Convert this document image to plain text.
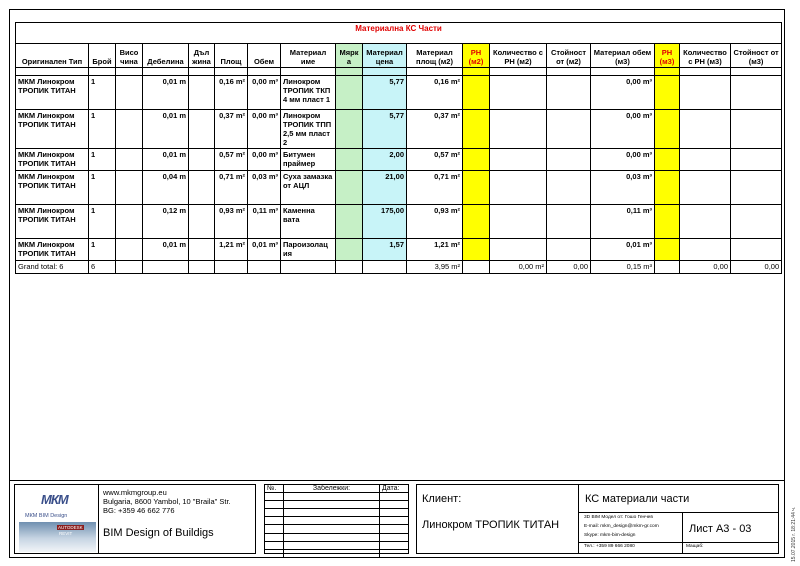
Материална КС Части																	
Оригинален Тип	Брой	Висо чина	Дебелина	Дъл жина	Площ	Обем	Материал име	Мярк а	Материал цена	Материал площ (м2)	PH (м2)	Количество с PH (м2)	Стойност от (м2)	Материал обем (м3)	PH (м3)	Количество с PH (м3)	Стойност от (м3)

МКМ Линокром ТРОПИК ТИТАН	1		0,01 m		0,16 m²	0,00 m³	Линокром ТРОПИК ТКП 4 мм пласт 1		5,77	0,16 m²				0,00 m³			
МКМ Линокром ТРОПИК ТИТАН	1		0,01 m		0,37 m²	0,00 m³	Линокром ТРОПИК ТПП 2,5 мм пласт 2		5,77	0,37 m²				0,00 m³			
МКМ Линокром ТРОПИК ТИТАН	1		0,01 m		0,57 m²	0,00 m³	Битумен праймер		2,00	0,57 m²				0,00 m³			
МКМ Линокром ТРОПИК ТИТАН	1		0,04 m		0,71 m²	0,03 m³	Суха замазка от АЦЛ		21,00	0,71 m²				0,03 m³			
МКМ Линокром ТРОПИК ТИТАН	1		0,12 m		0,93 m²	0,11 m³	Каменна вата		175,00	0,93 m²				0,11 m³			
МКМ Линокром ТРОПИК ТИТАН	1		0,01 m		1,21 m²	0,01 m³	Пароизолац ия		1,57	1,21 m²				0,01 m³			
Grand total: 6	6									3,95 m²		0,00 m²	0,00	0,15 m³		0,00	0,00
15.07.2015 г. 18:21:44 ч.
МКМ
МКМ BIM Design
AUTODESK
REVIT
www.mkmgroup.eu
Bulgaria, 8600 Yambol, 10 "Braila" Str.
BG: +359 46 662 776
BIM Design of Buildigs
№.	Забележки:	Дата:

Клиент:
Линокром ТРОПИК ТИТАН
КС материали части
3D BIM Модел от: Гошо Генчев
E-mail: mkm_design@mkm-gr.com
Skype: mkm-bim-design
Тел.: +359 89 666 2080
Лист А3 - 03
Мащаб:
